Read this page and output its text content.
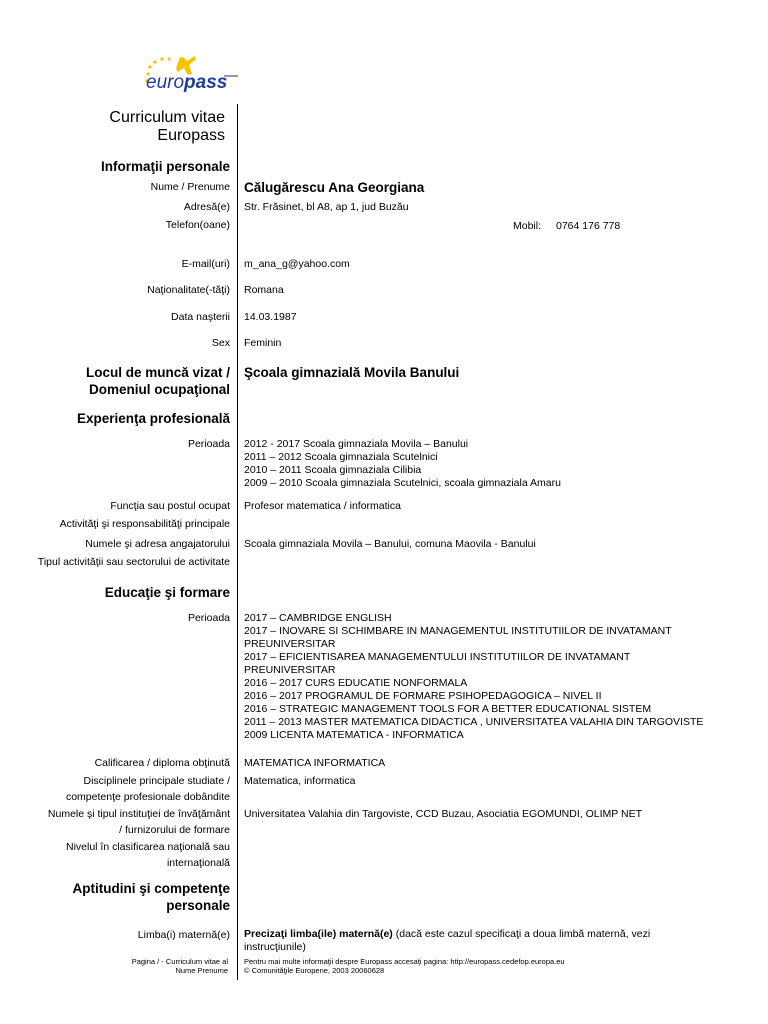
europass
Curriculum vitae
Europass
Informaţii personale
Nume / Prenume Călugărescu Ana Georgiana
Adresă(e) Str. Frăsinet, bl A8, ap 1, jud Buzău
Telefon(oane)	Mobil: 0764 176 778
E-mail(uri) m_ana_g@yahoo.com
Naţionalitate(-tăţi) Romana
Data naşterii 14.03.1987
Sex Feminin
Locul de muncă vizat /
Domeniul ocupaţional
Şcoala gimnazială Movila Banului
Experienţa profesională
Perioada 2012 - 2017 Scoala gimnaziala Movila – Banului
2011 – 2012 Scoala gimnaziala Scutelnici
2010 – 2011 Scoala gimnaziala Cilibia
2009 – 2010 Scoala gimnaziala Scutelnici, scoala gimnaziala Amaru
Funcţia sau postul ocupat Profesor matematica / informatica
Activităţi şi responsabilităţi principale
Numele şi adresa angajatorului Scoala gimnaziala Movila – Banului, comuna Maovila - Banului
Tipul activităţii sau sectorului de activitate
Educaţie şi formare
Perioada 2017 – CAMBRIDGE ENGLISH
2017 – INOVARE SI SCHIMBARE IN MANAGEMENTUL INSTITUTIILOR DE INVATAMANT
PREUNIVERSITAR
2017 – EFICIENTISAREA MANAGEMENTULUI INSTITUTIILOR DE INVATAMANT
PREUNIVERSITAR
2016 – 2017 CURS EDUCATIE NONFORMALA
2016 – 2017 PROGRAMUL DE FORMARE PSIHOPEDAGOGICA – NIVEL II
2016 – STRATEGIC MANAGEMENT TOOLS FOR A BETTER EDUCATIONAL SISTEM
2011 – 2013 MASTER MATEMATICA DIDACTICA , UNIVERSITATEA VALAHIA DIN TARGOVISTE
2009 LICENTA MATEMATICA - INFORMATICA
Calificarea / diploma obţinută MATEMATICA INFORMATICA
Disciplinele principale studiate /
competenţe profesionale dobândite
Matematica, informatica
Numele şi tipul instituţiei de învăţământ
/ furnizorului de formare
Universitatea Valahia din Targoviste, CCD Buzau, Asociatia EGOMUNDI, OLIMP NET
Nivelul în clasificarea naţională sau
internaţională
Aptitudini şi competenţe
personale
Limba(i) maternă(e) Precizaţi limba(ile) maternă(e) (dacă este cazul specificaţi a doua limbă maternă, vezi
instrucţiunile)
Pagina / - Curriculum vitae al
Nume Prenume
Pentru mai multe informaţii despre Europass accesaţi pagina: http://europass.cedefop.europa.eu
© Comunităţile Europene, 2003 20060628
